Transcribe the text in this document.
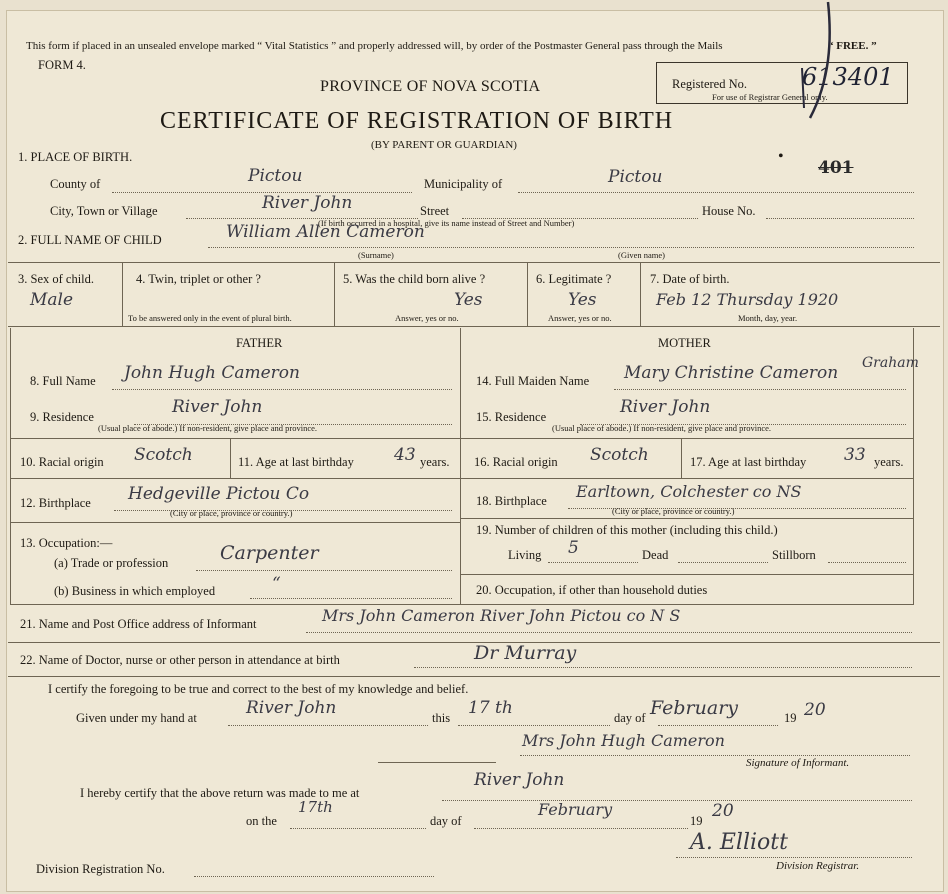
This form if placed in an unsealed envelope marked “ Vital Statistics ” and properly addressed will, by order of the Postmaster General pass through the Mails	“ FREE. ”
FORM 4.
PROVINCE OF NOVA SCOTIA
CERTIFICATE OF REGISTRATION OF BIRTH
(BY PARENT OR GUARDIAN)
Registered No. 613401
For use of Registrar General only.
401
•
1. PLACE OF BIRTH.
County of	Pictou	Municipality of	Pictou
City, Town or Village	River John	Street
(If birth occurred in a hospital, give its name instead of Street and Number)
House No.
2. FULL NAME OF CHILD	William Allen Cameron
(Surname)	(Given name)
3. Sex of child.
Male
4. Twin, triplet or other ?
To be answered only in the event of plural birth.
5. Was the child born alive ?
Yes
Answer, yes or no.
6. Legitimate ?
Yes
Answer, yes or no.
7. Date of birth.
Feb 12 Thursday 1920
Month, day, year.
FATHER	MOTHER
8. Full Name John Hugh Cameron
9. Residence	River John
(Usual place of abode.) If non-resident, give place and province.
10. Racial origin Scotch	11. Age at last birthday 43 years.
12. Birthplace Hedgeville Pictou Co
(City or place, province or country.)
13. Occupation:—
(a) Trade or profession	Carpenter
(b) Business in which employed	“
14. Full Maiden Name Mary Christine Cameron Graham
15. Residence	River John
(Usual place of abode.) If non-resident, give place and province.
16. Racial origin Scotch	17. Age at last birthday 33 years.
18. Birthplace Earltown, Colchester co NS
(City or place, province or country.)
19. Number of children of this mother (including this child.)
Living 5	Dead	Stillborn
20. Occupation, if other than household duties
21. Name and Post Office address of Informant	Mrs John Cameron River John Pictou co N S
22. Name of Doctor, nurse or other person in attendance at birth	Dr Murray
I certify the foregoing to be true and correct to the best of my knowledge and belief.
Given under my hand at	River John	this 17 th	day of February	19 20
Mrs John Hugh Cameron
Signature of Informant.
I hereby certify that the above return was made to me at
River John
on the
17th
day of
February
19 20
A. Elliott
Division Registrar.
Division Registration No.
